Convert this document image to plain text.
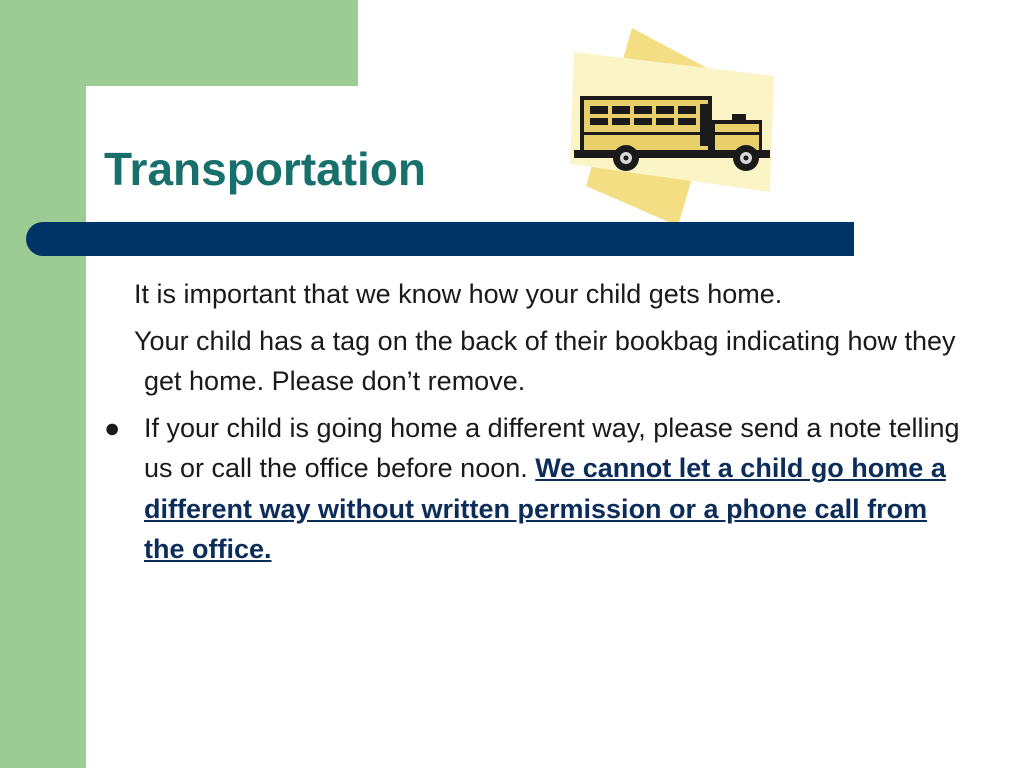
Transportation

It is important that we know how your child gets home.

Your child has a tag on the back of their bookbag indicating how they get home. Please don’t remove.

● If your child is going home a different way, please send a note telling us or call the office before noon. We cannot let a child go home a different way without written permission or a phone call from the office.
